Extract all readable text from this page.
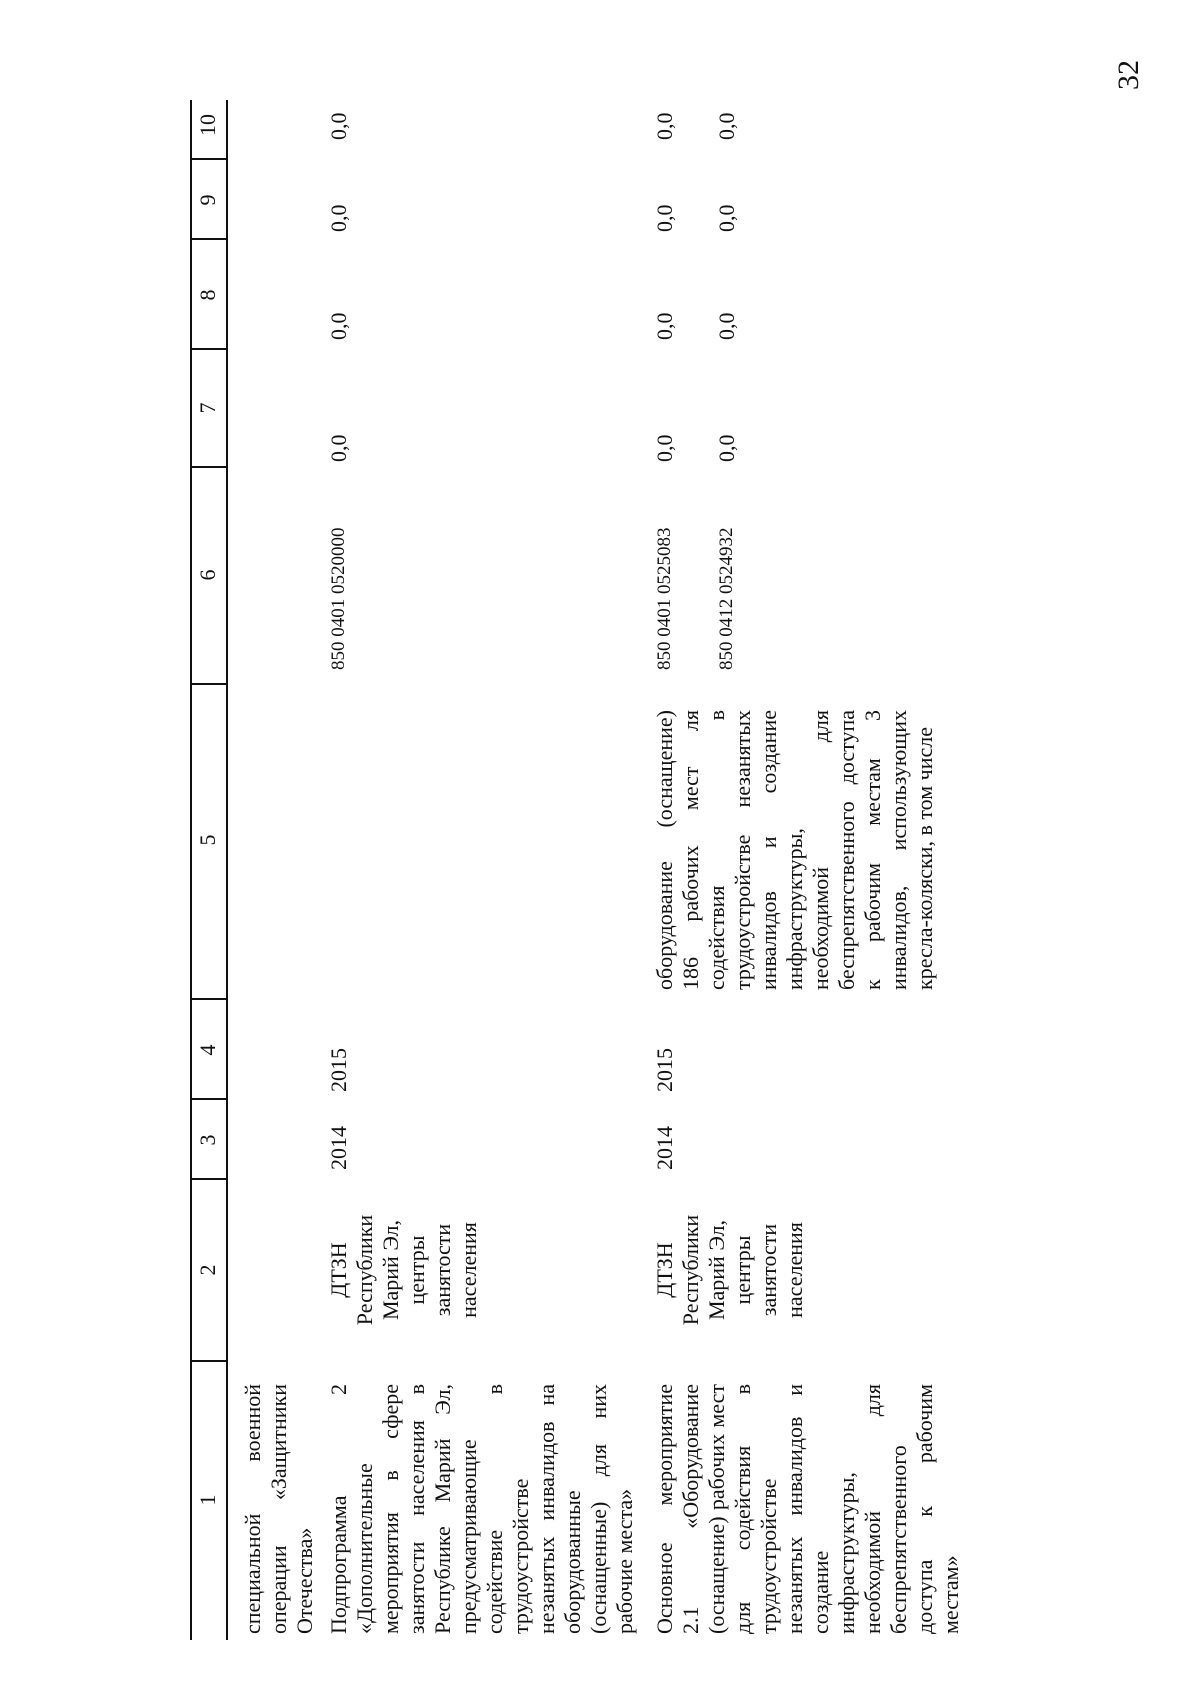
32
1
2
3
4
5
6
7
8
9
10
специальной военной операции «Защитники Отечества» Подпрограмма 2 «Дополнительные мероприятия в сфере занятости населения в Республике Марий Эл, предусматривающие содействие в трудоустройстве незанятых инвалидов на оборудованные (оснащенные) для них рабочие места»
ДТЗН Республики Марий Эл, центры занятости населения
2014
2015
850 0401 0520000
0,0
0,0
0,0
0,0
Основное мероприятие 2.1 «Оборудование (оснащение) рабочих мест для содействия в трудоустройстве незанятых инвалидов и создание инфраструктуры, необходимой для беспрепятственного доступа к рабочим местам»
ДТЗН Республики Марий Эл, центры занятости населения
2014
2015
оборудование (оснащение) 186 рабочих мест ля содействия в трудоустройстве незанятых инвалидов и создание инфраструктуры, необходимой для беспрепятственного доступа к рабочим местам 3 инвалидов, использующих кресла-коляски, в том числе
850 0401 0525083 850 0412 0524932
0,0 0,0
0,0 0,0
0,0 0,0
0,0 0,0
